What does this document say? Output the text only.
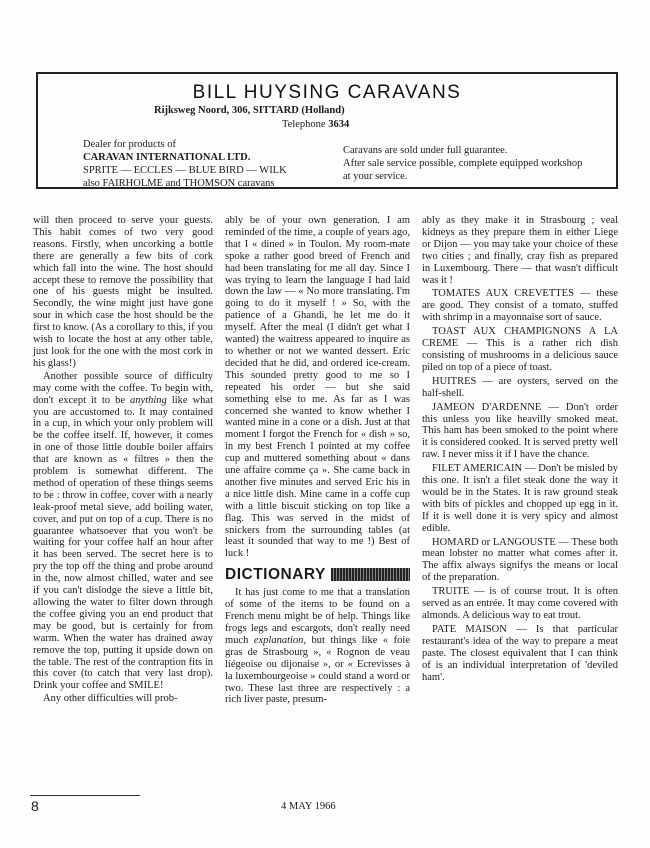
BILL HUYSING CARAVANS
Rijksweg Noord, 306, SITTARD (Holland)
Telephone 3634
Dealer for products of
CARAVAN INTERNATIONAL LTD.
SPRITE — ECCLES — BLUE BIRD — WILK
also FAIRHOLME and THOMSON caravans
Caravans are sold under full guarantee.
After sale service possible, complete equipped workshop
at your service.

will then proceed to serve your guests. This habit comes of two very good reasons. Firstly, when uncorking a bottle there are generally a few bits of cork which fall into the wine. The host should accept these to remove the possibility that one of his guests might be insulted. Secondly, the wine might just have gone sour in which case the host should be the first to know. (As a corollary to this, if you wish to locate the host at any other table, just look for the one with the most cork in his glass!)

Another possible source of difficulty may come with the coffee. To begin with, don't except it to be anything like what you are accustomed to. It may contained in a cup, in which your only problem will be the coffee itself. If, however, it comes in one of those little double boiler affairs that are known as « filtres » then the problem is somewhat different. The method of operation of these things seems to be : throw in coffee, cover with a nearly leak-proof metal sieve, add boiling water, cover, and put on top of a cup. There is no guarantee whatsoever that you won't be waiting for your coffee half an hour after it has been served. The secret here is to pry the top off the thing and probe around in the, now almost chilled, water and see if you can't dislodge the sieve a little bit, allowing the water to filter down through the coffee giving you an end product that may be good, but is certainly for from warm. When the water has drained away remove the top, putting it upside down on the table. The rest of the contraption fits in this cover (to catch that very last drop). Drink your coffee and SMILE!

Any other difficulties will prob-

ably be of your own generation. I am reminded of the time, a couple of years ago, that I « dined » in Toulon. My room-mate spoke a rather good breed of French and had been translating for me all day. Since I was trying to learn the language I had laid down the law — « No more translating. I'm going to do it myself ! » So, with the patience of a Ghandi, he let me do it myself. After the meal (I didn't get what I wanted) the waitress appeared to inquire as to whether or not we wanted dessert. Eric decided that he did, and ordered ice-cream. This sounded pretty good to me so I repeated his order — but she said something else to me. As far as I was concerned she wanted to know whether I wanted mine in a cone or a dish. Just at that moment I forgot the French for « dish » so, in my best French I pointed at my coffee cup and muttered something about « dans une affaire comme ça ». She came back in another five minutes and served Eric his in a nice little dish. Mine came in a coffe cup with a little biscuit sticking on top like a flag. This was served in the midst of snickers from the surrounding tables (at least it sounded that way to me !) Best of luck !

DICTIONARY

It has just come to me that a translation of some of the items to be found on a French menu might be of help. Things like frogs legs and escargots, don't really need much explanation, but things like « foie gras de Strasbourg », « Rognon de veau liégeoise ou dijonaise », or « Ecrevisses à la luxembourgeoise » could stand a word or two. These last three are respectively : a rich liver paste, presum-

ably as they make it in Strasbourg ; veal kidneys as they prepare them in either Liege or Dijon — you may take your choice of these two cities ; and finally, cray fish as prepared in Luxembourg. There — that wasn't difficult was it !

TOMATES AUX CREVETTES — these are good. They consist of a tomato, stuffed with shrimp in a mayonnaise sort of sauce.

TOAST AUX CHAMPIGNONS A LA CREME — This is a rather rich dish consisting of mushrooms in a delicious sauce piled on top of a piece of toast.

HUITRES — are oysters, served on the half-shell.

JAMEON D'ARDENNE — Don't order this unless you like heavilly smoked meat. This ham has been smoked to the point where it is considered cooked. It is served pretty well raw. I never miss it if I have the chance.

FILET AMERICAIN — Don't be misled by this one. It isn't a filet steak done the way it would be in the States. It is raw ground steak with bits of pickles and chopped up egg in it. If it is well done it is very spicy and almost edible.

HOMARD or LANGOUSTE — These both mean lobster no matter what comes after it. The affix always signifys the means or local of the preparation.

TRUITE — is of course trout. It is often served as an entrée. It may come covered with almonds. A delicious way to eat trout.

PATE MAISON — Is that particular restaurant's idea of the way to prepare a meat paste. The closest equivalent that I can think of is an individual interpretation of 'deviled ham'.

8	4 MAY 1966
